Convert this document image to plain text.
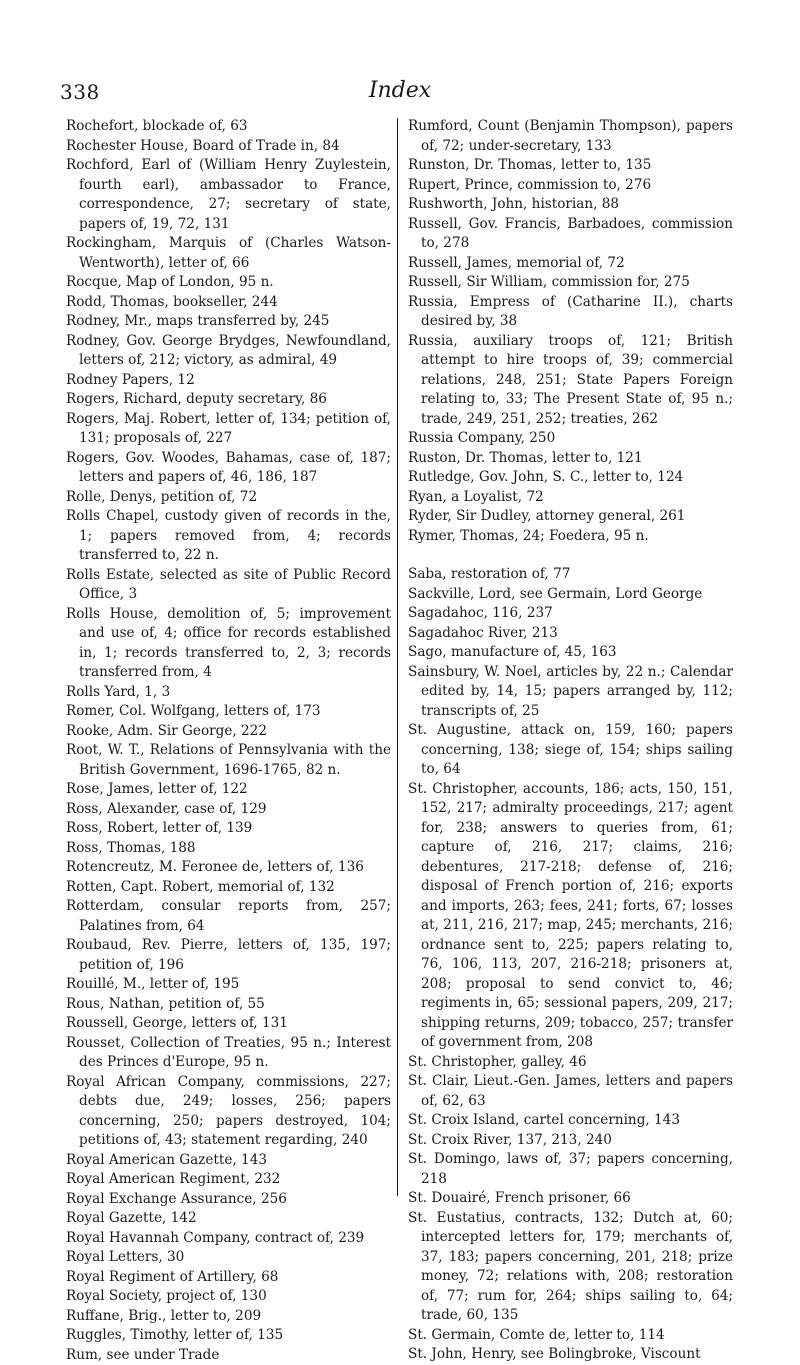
338	Index

Rochefort, blockade of, 63

Rochester House, Board of Trade in, 84

Rochford, Earl of (William Henry Zuylestein, fourth earl), ambassador to France, correspondence, 27; secretary of state, papers of, 19, 72, 131

Rockingham, Marquis of (Charles Watson-Wentworth), letter of, 66

Rocque, Map of London, 95 n.

Rodd, Thomas, bookseller, 244

Rodney, Mr., maps transferred by, 245

Rodney, Gov. George Brydges, Newfoundland, letters of, 212; victory, as admiral, 49

Rodney Papers, 12

Rogers, Richard, deputy secretary, 86

Rogers, Maj. Robert, letter of, 134; petition of, 131; proposals of, 227

Rogers, Gov. Woodes, Bahamas, case of, 187; letters and papers of, 46, 186, 187

Rolle, Denys, petition of, 72

Rolls Chapel, custody given of records in the, 1; papers removed from, 4; records transferred to, 22 n.

Rolls Estate, selected as site of Public Record Office, 3

Rolls House, demolition of, 5; improvement and use of, 4; office for records established in, 1; records transferred to, 2, 3; records transferred from, 4

Rolls Yard, 1, 3

Romer, Col. Wolfgang, letters of, 173

Rooke, Adm. Sir George, 222

Root, W. T., Relations of Pennsylvania with the British Government, 1696-1765, 82 n.

Rose, James, letter of, 122

Ross, Alexander, case of, 129

Ross, Robert, letter of, 139

Ross, Thomas, 188

Rotencreutz, M. Feronee de, letters of, 136

Rotten, Capt. Robert, memorial of, 132

Rotterdam, consular reports from, 257; Palatines from, 64

Roubaud, Rev. Pierre, letters of, 135, 197; petition of, 196

Rouillé, M., letter of, 195

Rous, Nathan, petition of, 55

Roussell, George, letters of, 131

Rousset, Collection of Treaties, 95 n.; Interest des Princes d'Europe, 95 n.

Royal African Company, commissions, 227; debts due, 249; losses, 256; papers concerning, 250; papers destroyed, 104; petitions of, 43; statement regarding, 240

Royal American Gazette, 143

Royal American Regiment, 232

Royal Exchange Assurance, 256

Royal Gazette, 142

Royal Havannah Company, contract of, 239

Royal Letters, 30

Royal Regiment of Artillery, 68

Royal Society, project of, 130

Ruffane, Brig., letter to, 209

Ruggles, Timothy, letter of, 135

Rum, see under Trade

Rumford, Count (Benjamin Thompson), papers of, 72; under-secretary, 133

Runston, Dr. Thomas, letter to, 135

Rupert, Prince, commission to, 276

Rushworth, John, historian, 88

Russell, Gov. Francis, Barbadoes, commission to, 278

Russell, James, memorial of, 72

Russell, Sir William, commission for, 275

Russia, Empress of (Catharine II.), charts desired by, 38

Russia, auxiliary troops of, 121; British attempt to hire troops of, 39; commercial relations, 248, 251; State Papers Foreign relating to, 33; The Present State of, 95 n.; trade, 249, 251, 252; treaties, 262

Russia Company, 250

Ruston, Dr. Thomas, letter to, 121

Rutledge, Gov. John, S. C., letter to, 124

Ryan, a Loyalist, 72

Ryder, Sir Dudley, attorney general, 261

Rymer, Thomas, 24; Foedera, 95 n.

Saba, restoration of, 77

Sackville, Lord, see Germain, Lord George

Sagadahoc, 116, 237

Sagadahoc River, 213

Sago, manufacture of, 45, 163

Sainsbury, W. Noel, articles by, 22 n.; Calendar edited by, 14, 15; papers arranged by, 112; transcripts of, 25

St. Augustine, attack on, 159, 160; papers concerning, 138; siege of, 154; ships sailing to, 64

St. Christopher, accounts, 186; acts, 150, 151, 152, 217; admiralty proceedings, 217; agent for, 238; answers to queries from, 61; capture of, 216, 217; claims, 216; debentures, 217-218; defense of, 216; disposal of French portion of, 216; exports and imports, 263; fees, 241; forts, 67; losses at, 211, 216, 217; map, 245; merchants, 216; ordnance sent to, 225; papers relating to, 76, 106, 113, 207, 216-218; prisoners at, 208; proposal to send convict to, 46; regiments in, 65; sessional papers, 209, 217; shipping returns, 209; tobacco, 257; transfer of government from, 208

St. Christopher, galley, 46

St. Clair, Lieut.-Gen. James, letters and papers of, 62, 63

St. Croix Island, cartel concerning, 143

St. Croix River, 137, 213, 240

St. Domingo, laws of, 37; papers concerning, 218

St. Douairé, French prisoner, 66

St. Eustatius, contracts, 132; Dutch at, 60; intercepted letters for, 179; merchants of, 37, 183; papers concerning, 201, 218; prize money, 72; relations with, 208; restoration of, 77; rum for, 264; ships sailing to, 64; trade, 60, 135

St. Germain, Comte de, letter to, 114

St. John, Henry, see Bolingbroke, Viscount
